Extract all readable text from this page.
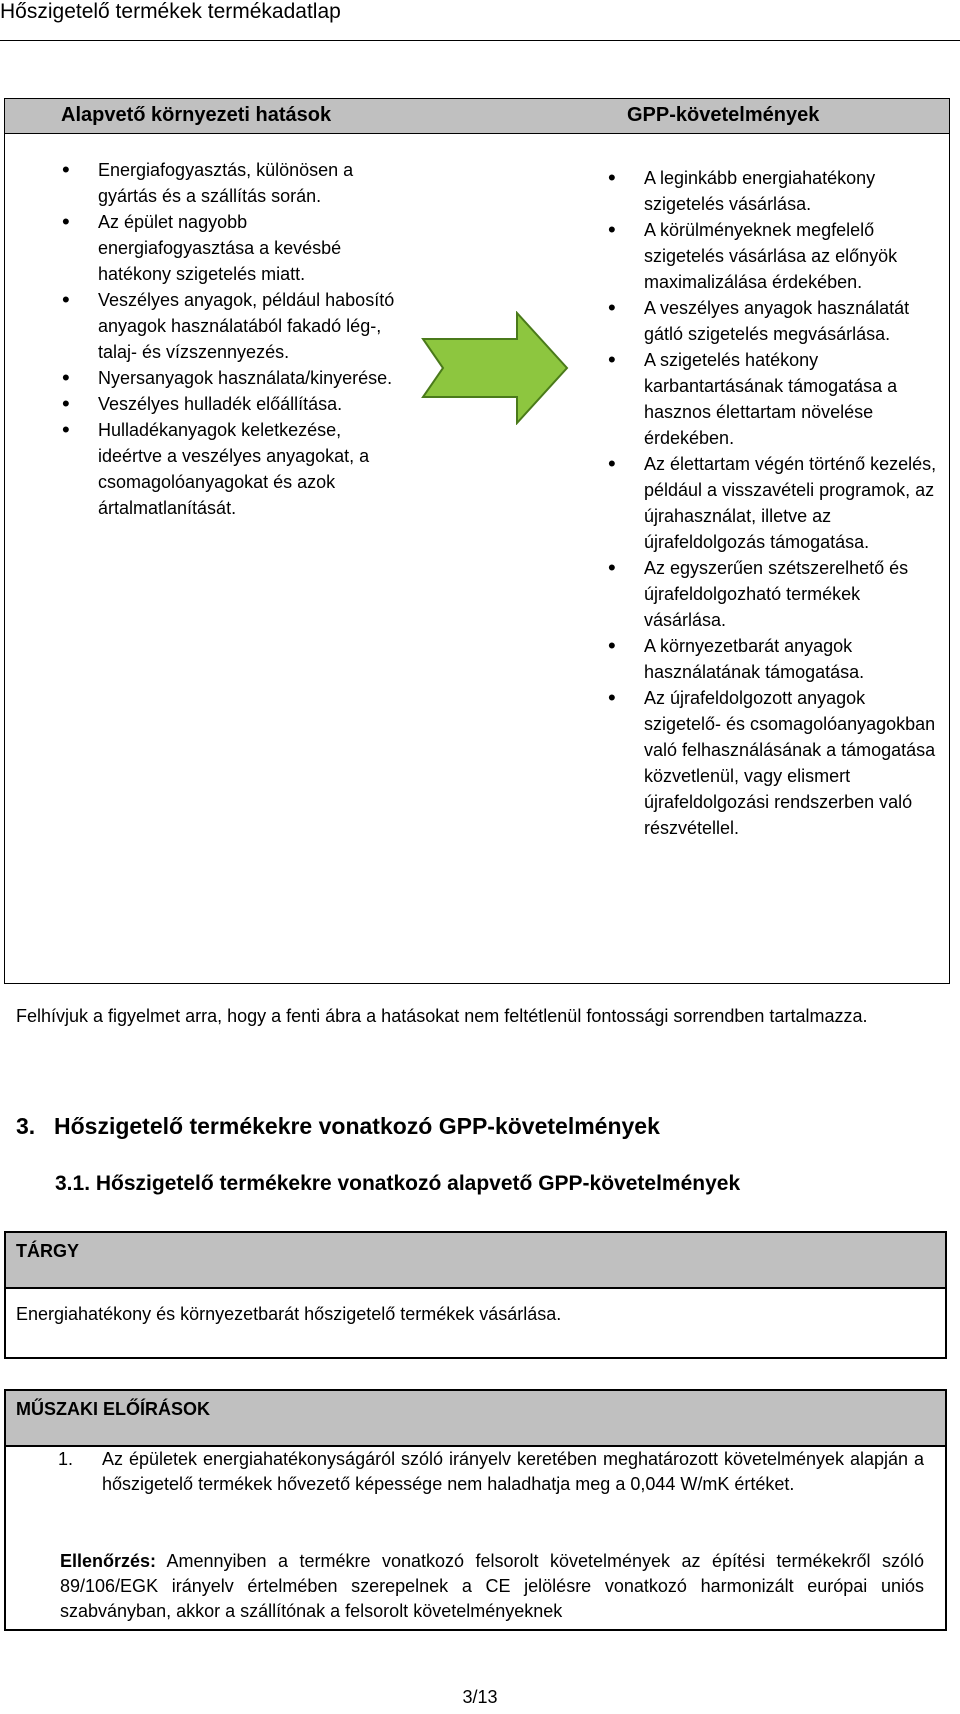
Hőszigetelő termékek termékadatlap
Alapvető környezeti hatások	GPP-követelmények
• Energiafogyasztás, különösen a gyártás és a szállítás során.
• Az épület nagyobb energiafogyasztása a kevésbé hatékony szigetelés miatt.
• Veszélyes anyagok, például habosító anyagok használatából fakadó lég-, talaj- és vízszennyezés.
• Nyersanyagok használata/kinyerése.
• Veszélyes hulladék előállítása.
• Hulladékanyagok keletkezése, ideértve a veszélyes anyagokat, a csomagolóanyagokat és azok ártalmatlanítását.
• A leginkább energiahatékony szigetelés vásárlása.
• A körülményeknek megfelelő szigetelés vásárlása az előnyök maximalizálása érdekében.
• A veszélyes anyagok használatát gátló szigetelés megvásárlása.
• A szigetelés hatékony karbantartásának támogatása a hasznos élettartam növelése érdekében.
• Az élettartam végén történő kezelés, például a visszavételi programok, az újrahasználat, illetve az újrafeldolgozás támogatása.
• Az egyszerűen szétszerelhető és újrafeldolgozható termékek vásárlása.
• A környezetbarát anyagok használatának támogatása.
• Az újrafeldolgozott anyagok szigetelő- és csomagolóanyagokban való felhasználásának a támogatása közvetlenül, vagy elismert újrafeldolgozási rendszerben való részvétellel.
Felhívjuk a figyelmet arra, hogy a fenti ábra a hatásokat nem feltétlenül fontossági sorrendben tartalmazza.
3. Hőszigetelő termékekre vonatkozó GPP-követelmények
3.1. Hőszigetelő termékekre vonatkozó alapvető GPP-követelmények
TÁRGY
Energiahatékony és környezetbarát hőszigetelő termékek vásárlása.
MŰSZAKI ELŐÍRÁSOK
1.	Az épületek energiahatékonyságáról szóló irányelv keretében meghatározott követelmények alapján a hőszigetelő termékek hővezető képessége nem haladhatja meg a 0,044 W/mK értéket.
Ellenőrzés: Amennyiben a termékre vonatkozó felsorolt követelmények az építési termékekről szóló 89/106/EGK irányelv értelmében szerepelnek a CE jelölésre vonatkozó harmonizált európai uniós szabványban, akkor a szállítónak a felsorolt követelményeknek
3/13
